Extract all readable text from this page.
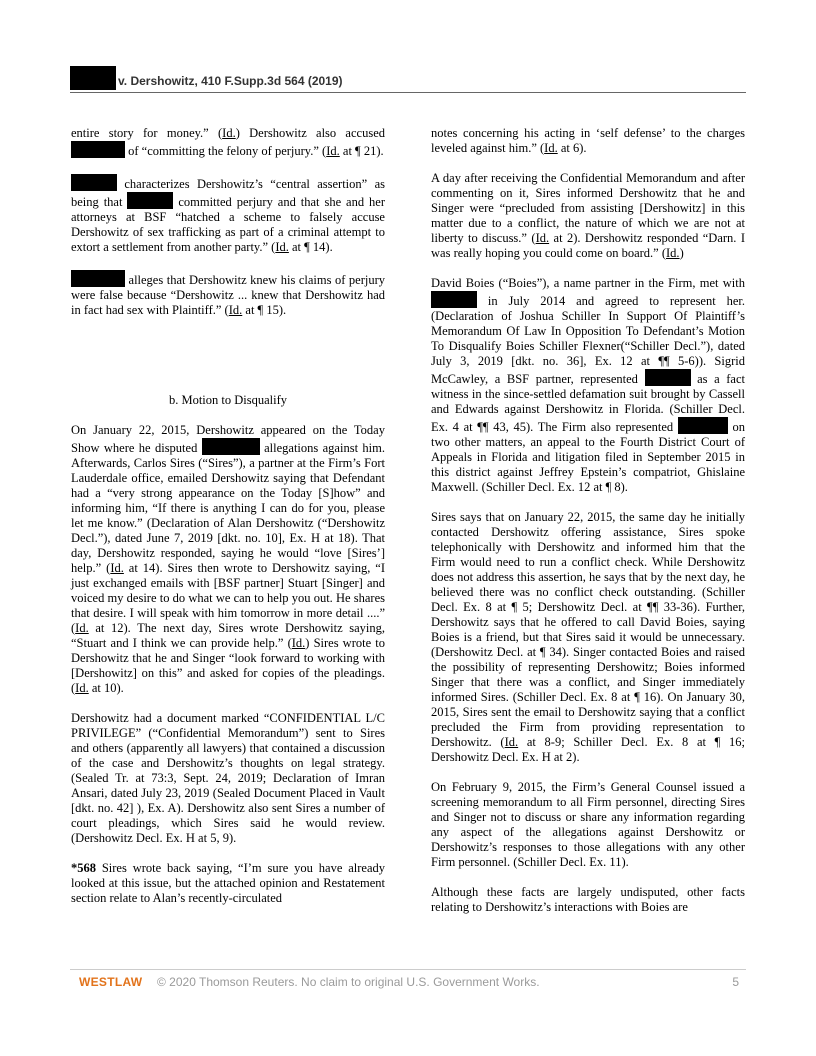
v. Dershowitz, 410 F.Supp.3d 564 (2019)

entire story for money.” (Id.) Dershowitz also accused  of “committing the felony of perjury.” (Id. at ¶ 21).

characterizes Dershowitz’s “central assertion” as being that	committed perjury and that she and her attorneys at BSF “hatched a scheme to falsely accuse Dershowitz of sex trafficking as part of a criminal attempt to extort a settlement from another party.” (Id. at ¶ 14).

alleges that Dershowitz knew his claims of perjury were false because “Dershowitz ... knew that Dershowitz had in fact had sex with Plaintiff.” (Id. at ¶ 15).

b. Motion to Disqualify

On January 22, 2015, Dershowitz appeared on the Today Show where he disputed	allegations against him. Afterwards, Carlos Sires (“Sires”), a partner at the Firm’s Fort Lauderdale office, emailed Dershowitz saying that Defendant had a “very strong appearance on the Today [S]how” and informing him, “If there is anything I can do for you, please let me know.” (Declaration of Alan Dershowitz (“Dershowitz Decl.”), dated June 7, 2019 [dkt. no. 10], Ex. H at 18). That day, Dershowitz responded, saying he would “love [Sires’] help.” (Id. at 14). Sires then wrote to Dershowitz saying, “I just exchanged emails with [BSF partner] Stuart [Singer] and voiced my desire to do what we can to help you out. He shares that desire. I will speak with him tomorrow in more detail ....” (Id. at 12). The next day, Sires wrote Dershowitz saying, “Stuart and I think we can provide help.” (Id.) Sires wrote to Dershowitz that he and Singer “look forward to working with [Dershowitz] on this” and asked for copies of the pleadings. (Id. at 10).

Dershowitz had a document marked “CONFIDENTIAL L/C PRIVILEGE” (“Confidential Memorandum”) sent to Sires and others (apparently all lawyers) that contained a discussion of the case and Dershowitz’s thoughts on legal strategy. (Sealed Tr. at 73:3, Sept. 24, 2019; Declaration of Imran Ansari, dated July 23, 2019 (Sealed Document Placed in Vault [dkt. no. 42] ), Ex. A). Dershowitz also sent Sires a number of court pleadings, which Sires said he would review. (Dershowitz Decl. Ex. H at 5, 9).

*568 Sires wrote back saying, “I’m sure you have already looked at this issue, but the attached opinion and Restatement section relate to Alan’s recently-circulated

notes concerning his acting in ‘self defense’ to the charges leveled against him.” (Id. at 6).

A day after receiving the Confidential Memorandum and after commenting on it, Sires informed Dershowitz that he and Singer were “precluded from assisting [Dershowitz] in this matter due to a conflict, the nature of which we are not at liberty to discuss.” (Id. at 2). Dershowitz responded “Darn. I was really hoping you could come on board.” (Id.)

David Boies (“Boies”), a name partner in the Firm, met with  in July 2014 and agreed to represent her. (Declaration of Joshua Schiller In Support Of Plaintiff’s Memorandum Of Law In Opposition To Defendant’s Motion To Disqualify Boies Schiller Flexner(“Schiller Decl.”), dated July 3, 2019 [dkt. no. 36], Ex. 12 at ¶¶ 5-6)). Sigrid McCawley, a BSF partner, represented	as a fact witness in the since-settled defamation suit brought by Cassell and Edwards against Dershowitz in Florida. (Schiller Decl. Ex. 4 at ¶¶ 43, 45). The Firm also represented	on two other matters, an appeal to the Fourth District Court of Appeals in Florida and litigation filed in September 2015 in this district against Jeffrey Epstein’s compatriot, Ghislaine Maxwell. (Schiller Decl. Ex. 12 at ¶ 8).

Sires says that on January 22, 2015, the same day he initially contacted Dershowitz offering assistance, Sires spoke telephonically with Dershowitz and informed him that the Firm would need to run a conflict check. While Dershowitz does not address this assertion, he says that by the next day, he believed there was no conflict check outstanding. (Schiller Decl. Ex. 8 at ¶ 5; Dershowitz Decl. at ¶¶ 33-36). Further, Dershowitz says that he offered to call David Boies, saying Boies is a friend, but that Sires said it would be unnecessary. (Dershowitz Decl. at ¶ 34). Singer contacted Boies and raised the possibility of representing Dershowitz; Boies informed Singer that there was a conflict, and Singer immediately informed Sires. (Schiller Decl. Ex. 8 at ¶ 16). On January 30, 2015, Sires sent the email to Dershowitz saying that a conflict precluded the Firm from providing representation to Dershowitz. (Id. at 8-9; Schiller Decl. Ex. 8 at ¶ 16; Dershowitz Decl. Ex. H at 2).

On February 9, 2015, the Firm’s General Counsel issued a screening memorandum to all Firm personnel, directing Sires and Singer not to discuss or share any information regarding any aspect of the allegations against Dershowitz or Dershowitz’s responses to those allegations with any other Firm personnel. (Schiller Decl. Ex. 11).

Although these facts are largely undisputed, other facts relating to Dershowitz’s interactions with Boies are

WESTLAW © 2020 Thomson Reuters. No claim to original U.S. Government Works.	5
